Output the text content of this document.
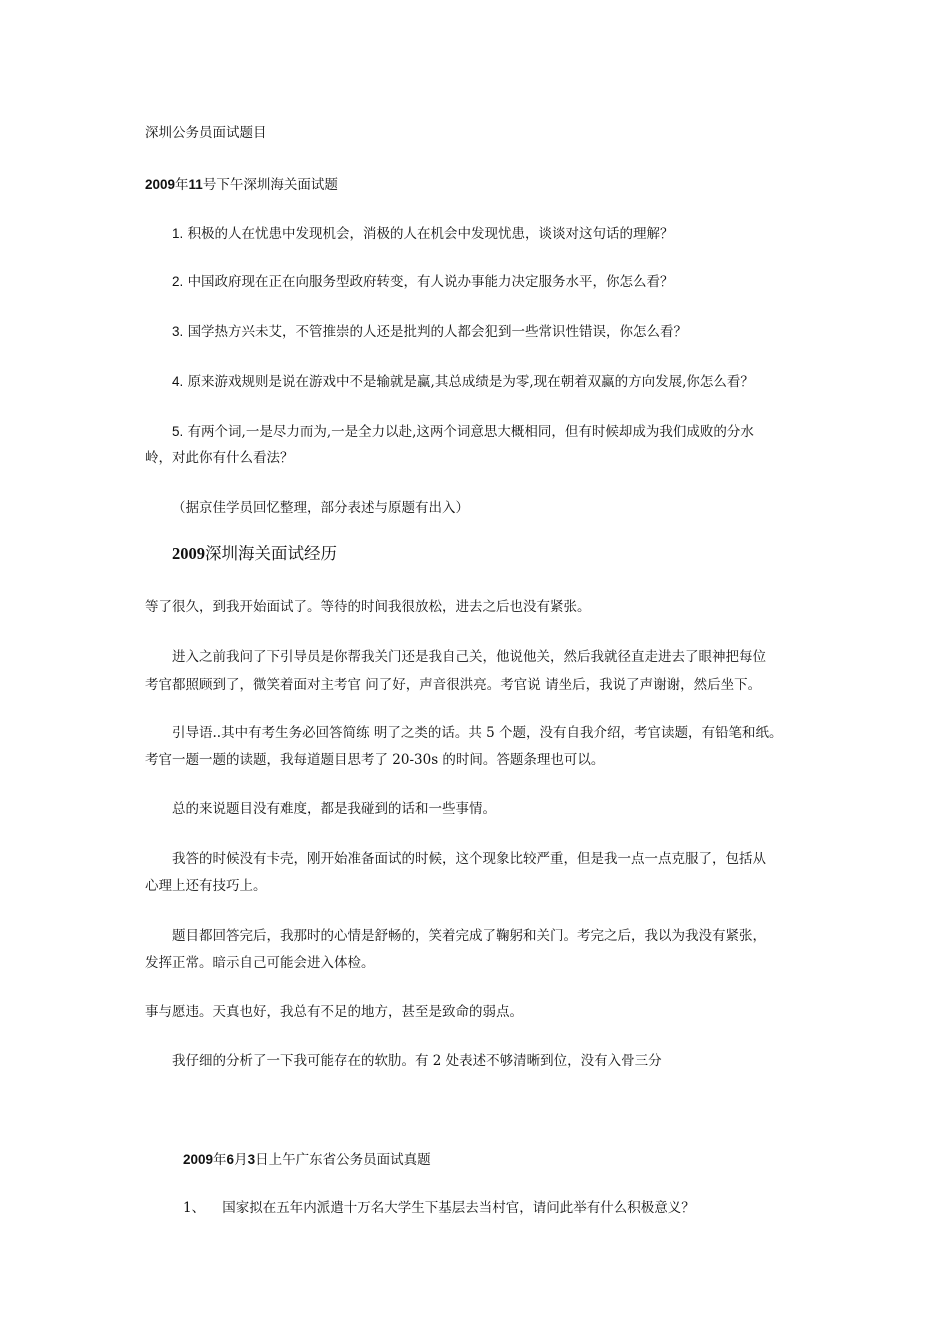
深圳公务员面试题目
2009年11号下午深圳海关面试题
1. 积极的人在忧患中发现机会，消极的人在机会中发现忧患，谈谈对这句话的理解？
2. 中国政府现在正在向服务型政府转变，有人说办事能力决定服务水平，你怎么看？
3. 国学热方兴未艾，不管推崇的人还是批判的人都会犯到一些常识性错误，你怎么看？
4. 原来游戏规则是说在游戏中不是输就是赢,其总成绩是为零,现在朝着双赢的方向发展,你怎么看？
5. 有两个词,一是尽力而为,一是全力以赴,这两个词意思大概相同，但有时候却成为我们成败的分水
岭，对此你有什么看法？
（据京佳学员回忆整理，部分表述与原题有出入）
2009深圳海关面试经历
等了很久，到我开始面试了。等待的时间我很放松，进去之后也没有紧张。
进入之前我问了下引导员是你帮我关门还是我自己关，他说他关，然后我就径直走进去了眼神把每位
考官都照顾到了，微笑着面对主考官 问了好，声音很洪亮。考官说 请坐后，我说了声谢谢，然后坐下。
引导语..其中有考生务必回答简练 明了之类的话。共 5 个题，没有自我介绍，考官读题，有铅笔和纸。
考官一题一题的读题，我每道题目思考了 20-30s 的时间。答题条理也可以。
总的来说题目没有难度，都是我碰到的话和一些事情。
我答的时候没有卡壳，刚开始准备面试的时候，这个现象比较严重，但是我一点一点克服了，包括从
心理上还有技巧上。
题目都回答完后，我那时的心情是舒畅的，笑着完成了鞠躬和关门。考完之后，我以为我没有紧张，
发挥正常。暗示自己可能会进入体检。
事与愿违。天真也好，我总有不足的地方，甚至是致命的弱点。
我仔细的分析了一下我可能存在的软肋。有 2 处表述不够清晰到位，没有入骨三分
2009年6月3日上午广东省公务员面试真题
1、 国家拟在五年内派遣十万名大学生下基层去当村官，请问此举有什么积极意义？
